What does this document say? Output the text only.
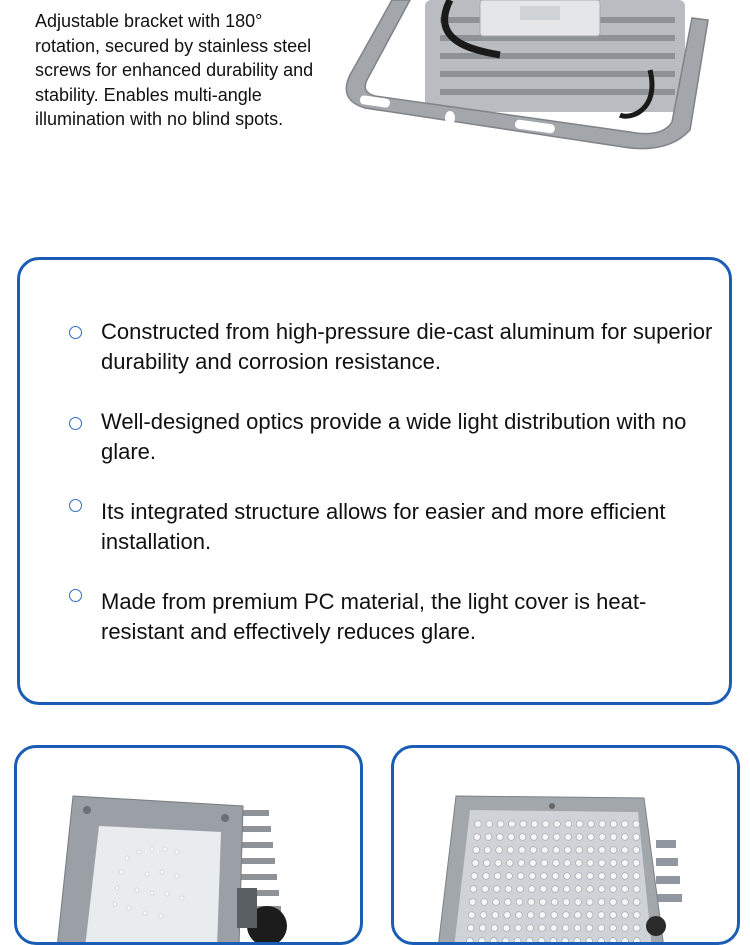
Adjustable bracket with 180° rotation, secured by stainless steel screws for enhanced durability and stability. Enables multi-angle illumination with no blind spots.
Constructed from high-pressure die-cast aluminum for superior durability and corrosion resistance.
Well-designed optics provide a wide light distribution with no glare.
Its integrated structure allows for easier and more efficient installation.
Made from premium PC material, the light cover is heat-resistant and effectively reduces glare.
